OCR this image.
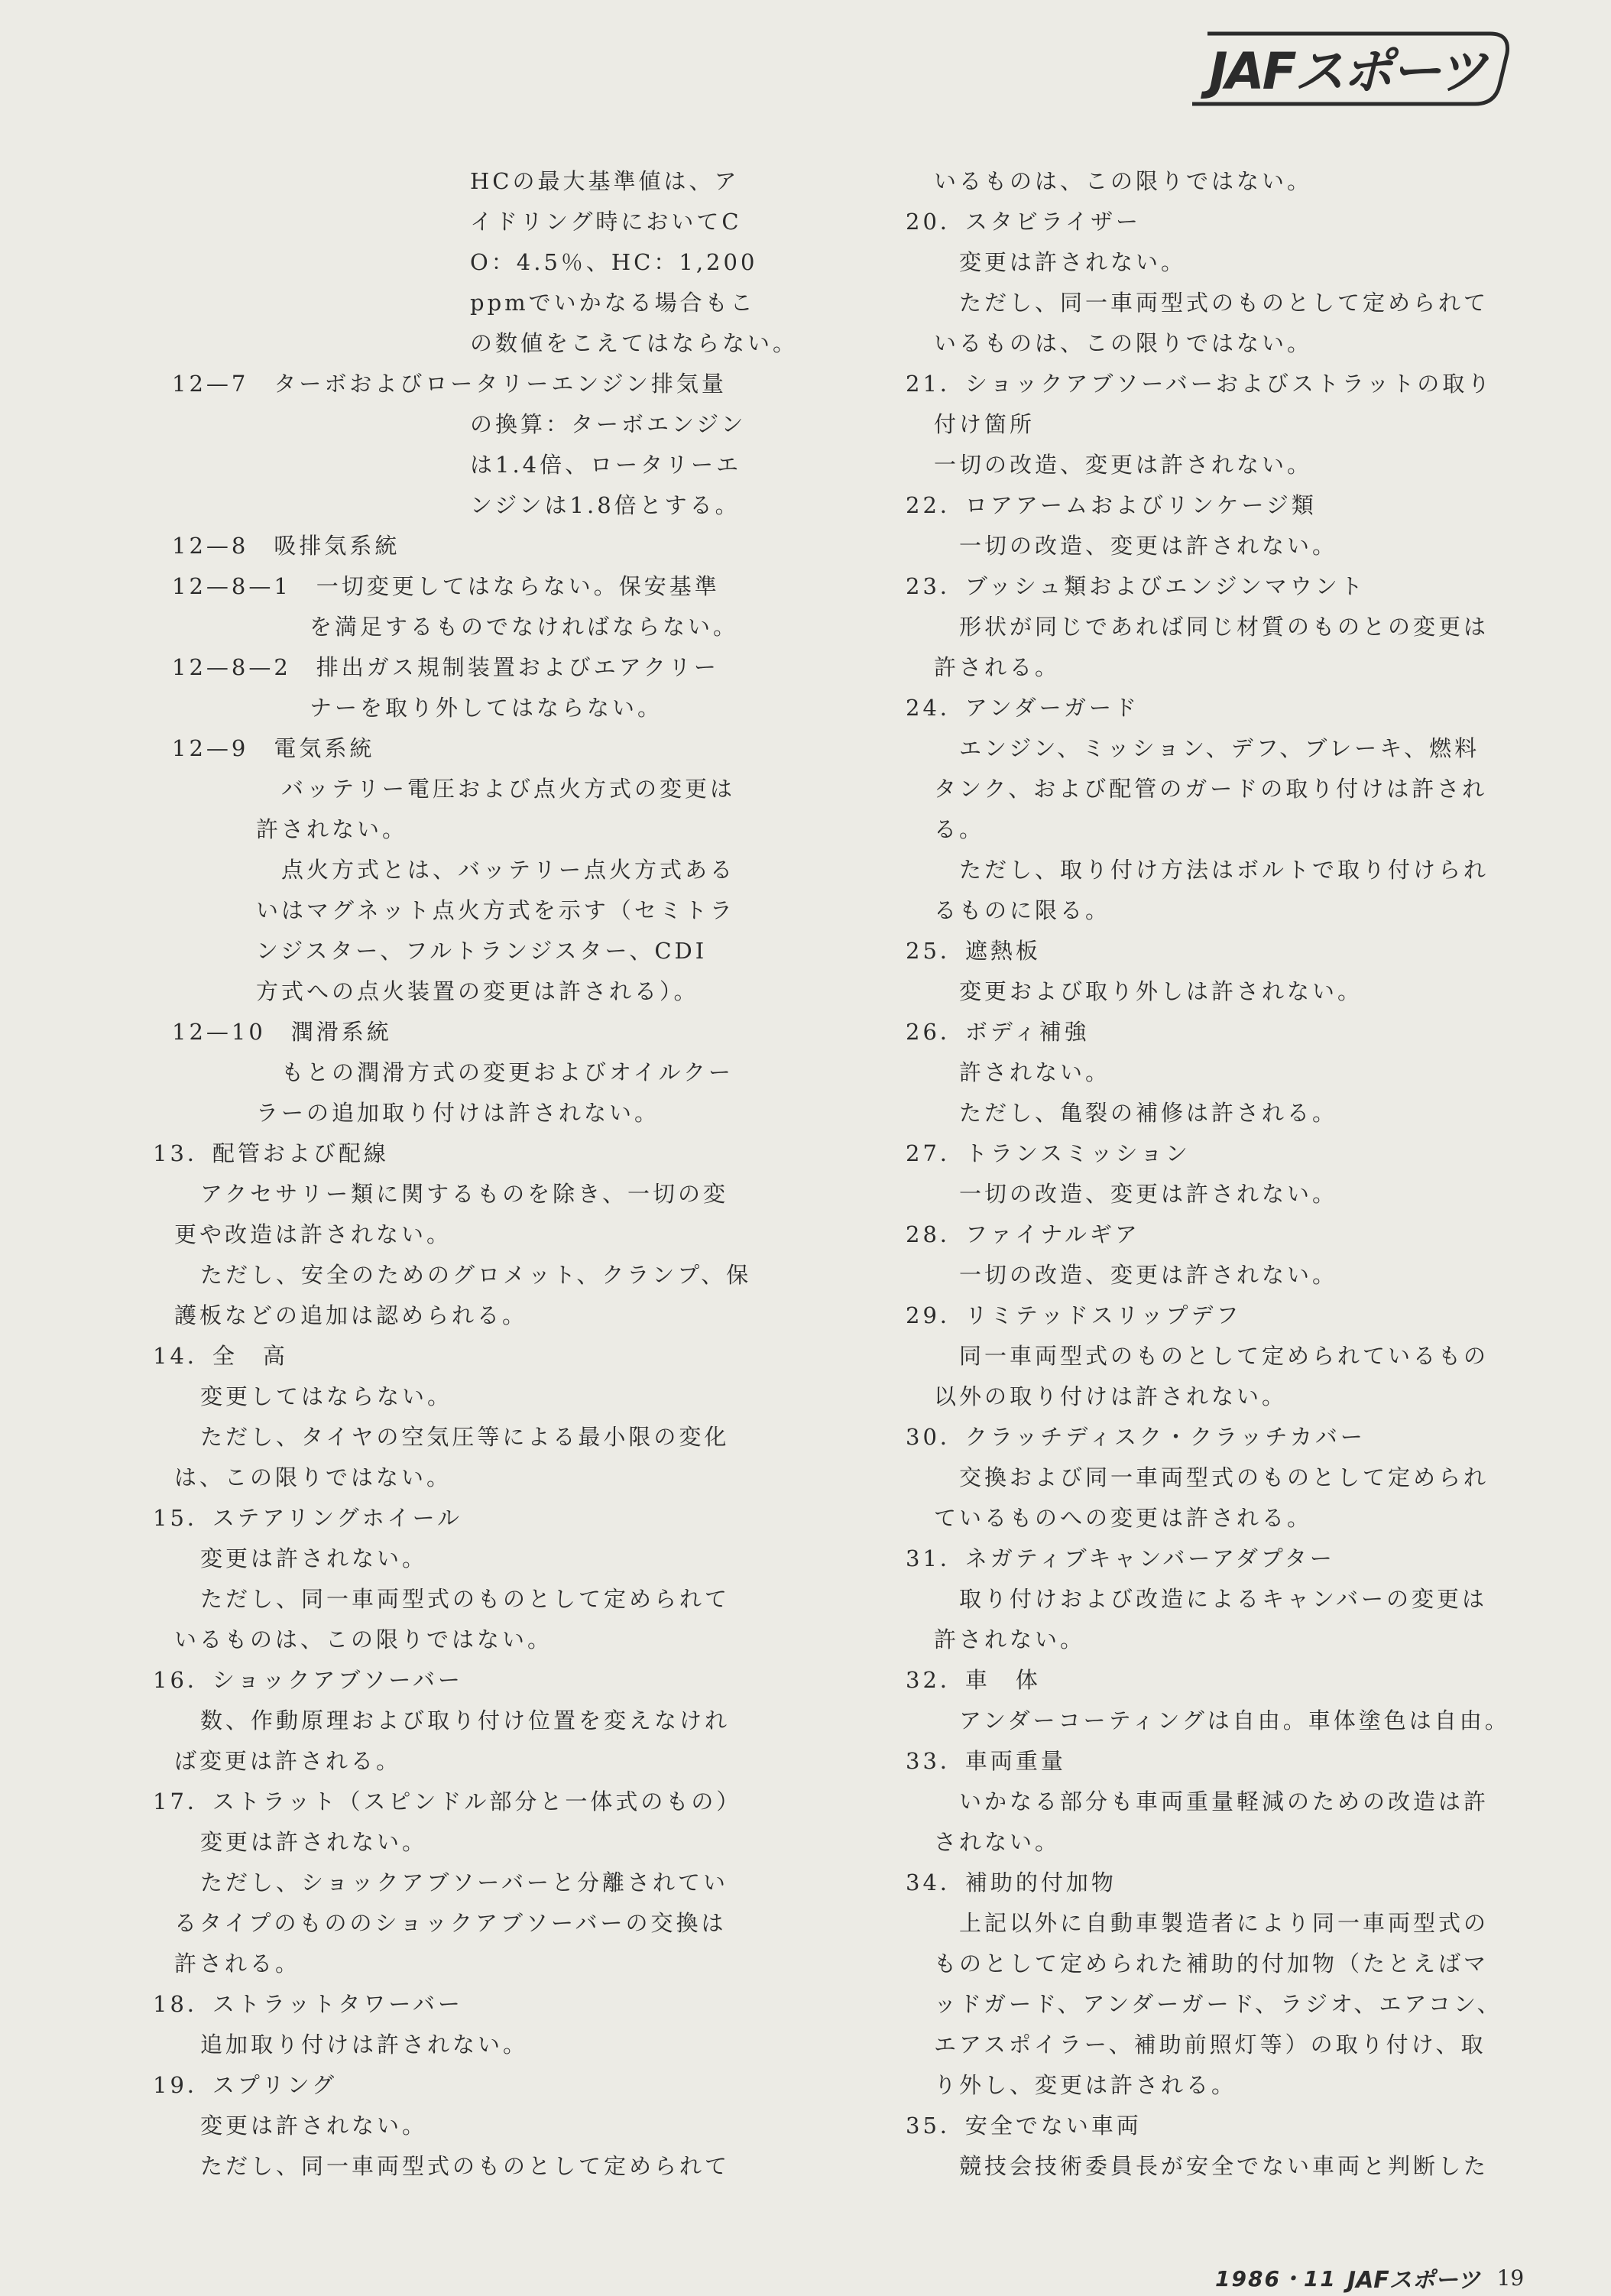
JAFスポーツ
HCの最大基準値は、ア
イドリング時においてC
O：4.5％、HC：1,200
ppmでいかなる場合もこ
の数値をこえてはならない。
12—7　ターボおよびロータリーエンジン排気量
の換算：ターボエンジン
は1.4倍、ロータリーエ
ンジンは1.8倍とする。
12—8　吸排気系統
12—8—1　一切変更してはならない。保安基準
を満足するものでなければならない。
12—8—2　排出ガス規制装置およびエアクリー
ナーを取り外してはならない。
12—9　電気系統
バッテリー電圧および点火方式の変更は
許されない。
点火方式とは、バッテリー点火方式ある
いはマグネット点火方式を示す（セミトラ
ンジスター、フルトランジスター、CDI
方式への点火装置の変更は許される）。
12—10　潤滑系統
もとの潤滑方式の変更およびオイルクー
ラーの追加取り付けは許されない。
13．配管および配線
アクセサリー類に関するものを除き、一切の変
更や改造は許されない。
ただし、安全のためのグロメット、クランプ、保
護板などの追加は認められる。
14．全　高
変更してはならない。
ただし、タイヤの空気圧等による最小限の変化
は、この限りではない。
15．ステアリングホイール
変更は許されない。
ただし、同一車両型式のものとして定められて
いるものは、この限りではない。
16．ショックアブソーバー
数、作動原理および取り付け位置を変えなけれ
ば変更は許される。
17．ストラット（スピンドル部分と一体式のもの）
変更は許されない。
ただし、ショックアブソーバーと分離されてい
るタイプのもののショックアブソーバーの交換は
許される。
18．ストラットタワーバー
追加取り付けは許されない。
19．スプリング
変更は許されない。
ただし、同一車両型式のものとして定められて
いるものは、この限りではない。
20．スタビライザー
変更は許されない。
ただし、同一車両型式のものとして定められて
いるものは、この限りではない。
21．ショックアブソーバーおよびストラットの取り
付け箇所
一切の改造、変更は許されない。
22．ロアアームおよびリンケージ類
一切の改造、変更は許されない。
23．ブッシュ類およびエンジンマウント
形状が同じであれば同じ材質のものとの変更は
許される。
24．アンダーガード
エンジン、ミッション、デフ、ブレーキ、燃料
タンク、および配管のガードの取り付けは許され
る。
ただし、取り付け方法はボルトで取り付けられ
るものに限る。
25．遮熱板
変更および取り外しは許されない。
26．ボディ補強
許されない。
ただし、亀裂の補修は許される。
27．トランスミッション
一切の改造、変更は許されない。
28．ファイナルギア
一切の改造、変更は許されない。
29．リミテッドスリップデフ
同一車両型式のものとして定められているもの
以外の取り付けは許されない。
30．クラッチディスク・クラッチカバー
交換および同一車両型式のものとして定められ
ているものへの変更は許される。
31．ネガティブキャンバーアダプター
取り付けおよび改造によるキャンバーの変更は
許されない。
32．車　体
アンダーコーティングは自由。車体塗色は自由。
33．車両重量
いかなる部分も車両重量軽減のための改造は許
されない。
34．補助的付加物
上記以外に自動車製造者により同一車両型式の
ものとして定められた補助的付加物（たとえばマ
ッドガード、アンダーガード、ラジオ、エアコン、
エアスポイラー、補助前照灯等）の取り付け、取
り外し、変更は許される。
35．安全でない車両
競技会技術委員長が安全でない車両と判断した
1986・11 JAFスポーツ 19
